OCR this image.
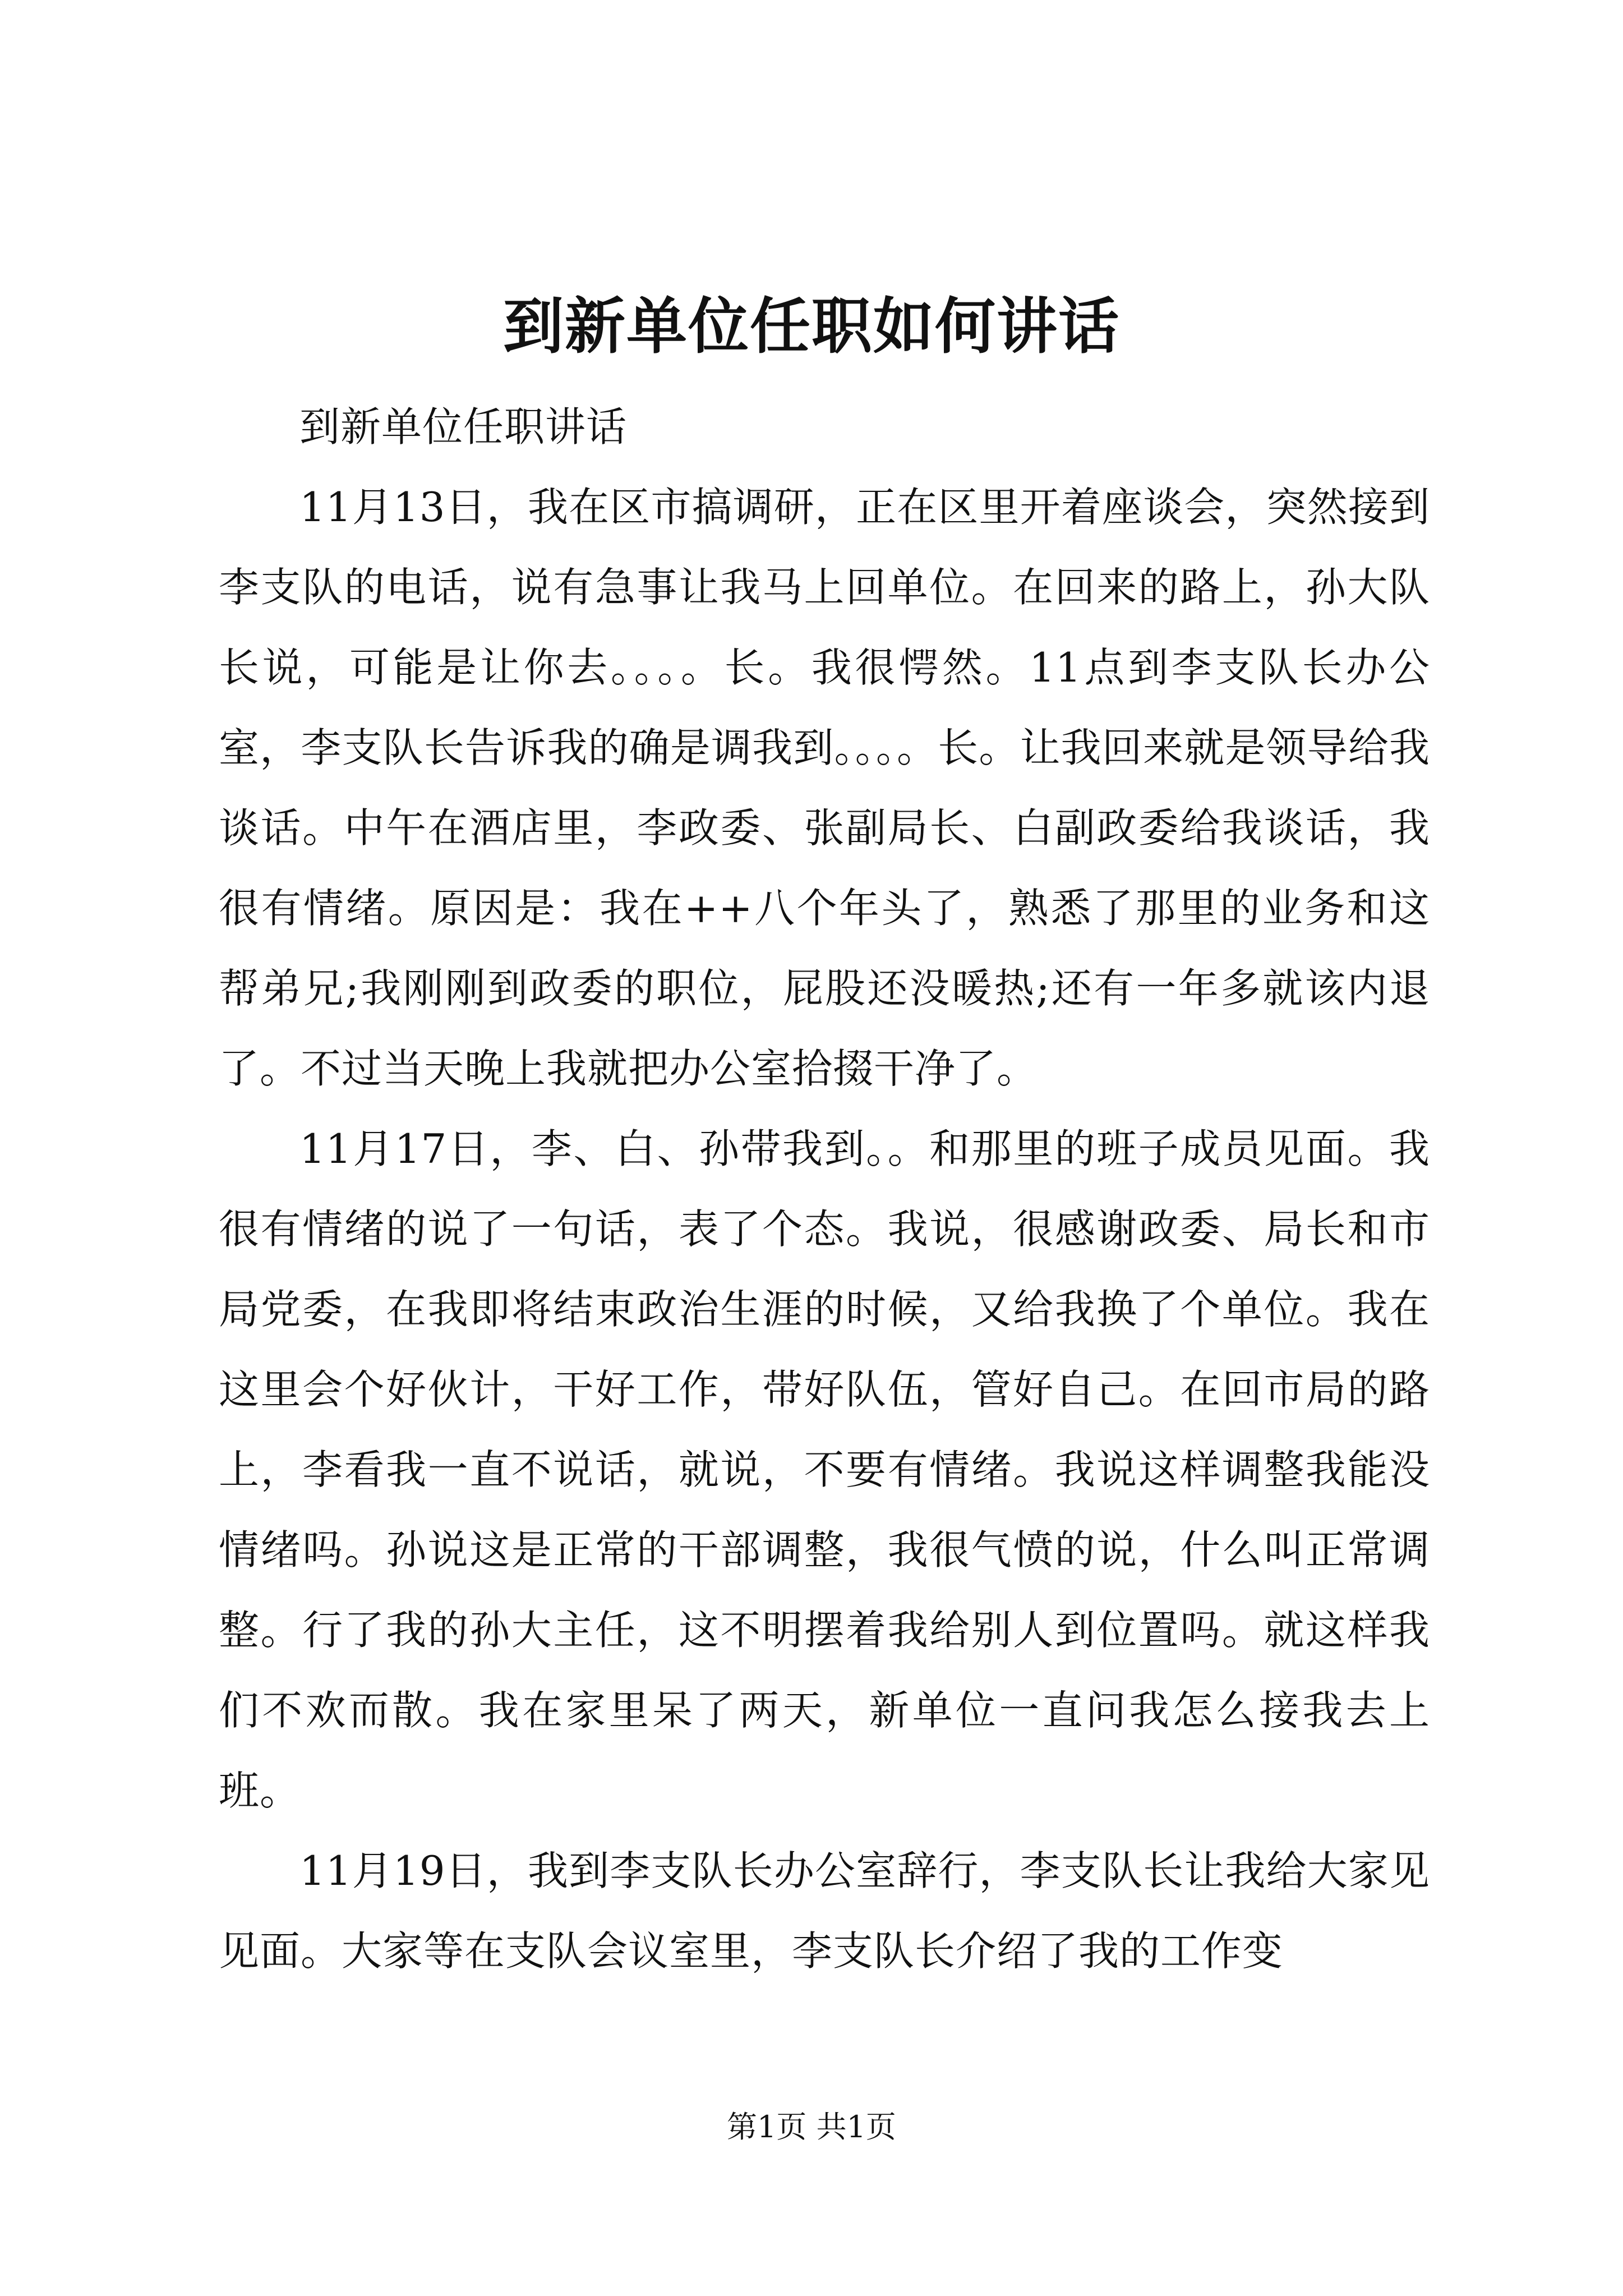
到新单位任职如何讲话

到新单位任职讲话

11月13日，我在区市搞调研，正在区里开着座谈会，突然接到李支队的电话，说有急事让我马上回单位。在回来的路上，孙大队长说，可能是让你去。。。。长。我很愕然。11点到李支队长办公室，李支队长告诉我的确是调我到。。。。长。让我回来就是领导给我谈话。中午在酒店里，李政委、张副局长、白副政委给我谈话，我很有情绪。原因是：我在++八个年头了，熟悉了那里的业务和这帮弟兄;我刚刚到政委的职位，屁股还没暖热;还有一年多就该内退了。不过当天晚上我就把办公室拾掇干净了。

11月17日，李、白、孙带我到。。和那里的班子成员见面。我很有情绪的说了一句话，表了个态。我说，很感谢政委、局长和市局党委，在我即将结束政治生涯的时候，又给我换了个单位。我在这里会个好伙计，干好工作，带好队伍，管好自己。在回市局的路上，李看我一直不说话，就说，不要有情绪。我说这样调整我能没情绪吗。孙说这是正常的干部调整，我很气愤的说，什么叫正常调整。行了我的孙大主任，这不明摆着我给别人到位置吗。就这样我们不欢而散。我在家里呆了两天，新单位一直问我怎么接我去上班。

11月19日，我到李支队长办公室辞行，李支队长让我给大家见见面。大家等在支队会议室里，李支队长介绍了我的工作变

第1页 共1页
